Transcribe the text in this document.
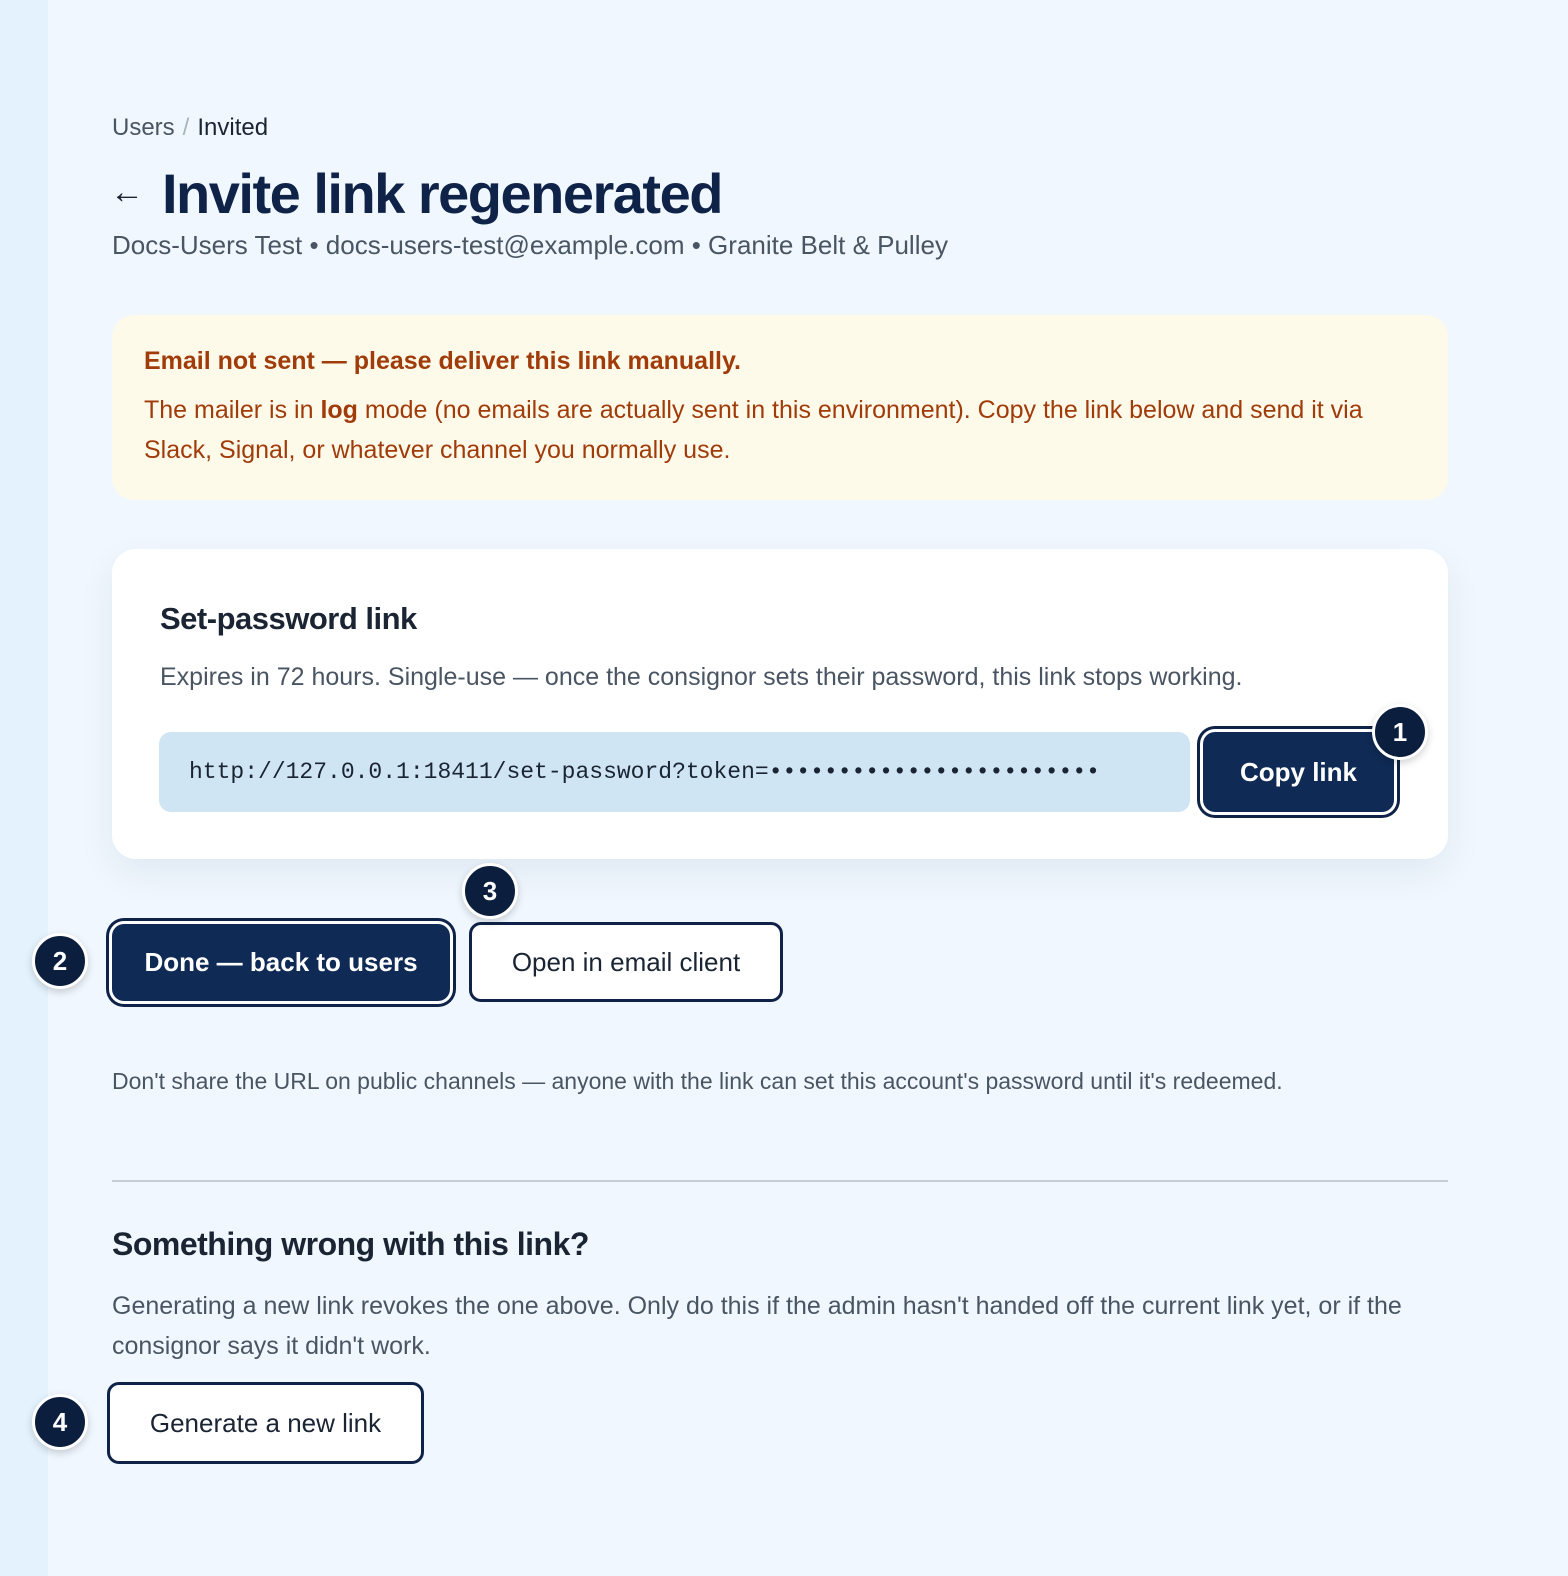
Users / Invited
← Invite link regenerated
Docs-Users Test • docs-users-test@example.com • Granite Belt & Pulley
Email not sent — please deliver this link manually.
The mailer is in log mode (no emails are actually sent in this environment). Copy the link below and send it via Slack, Signal, or whatever channel you normally use.
Set-password link
Expires in 72 hours. Single-use — once the consignor sets their password, this link stops working.
http://127.0.0.1:18411/set-password?token=••••••••••••••••••••••••	Copy link
Done — back to users	Open in email client
Don't share the URL on public channels — anyone with the link can set this account's password until it's redeemed.
Something wrong with this link?
Generating a new link revokes the one above. Only do this if the admin hasn't handed off the current link yet, or if the consignor says it didn't work.
Generate a new link
1
2
3
4
